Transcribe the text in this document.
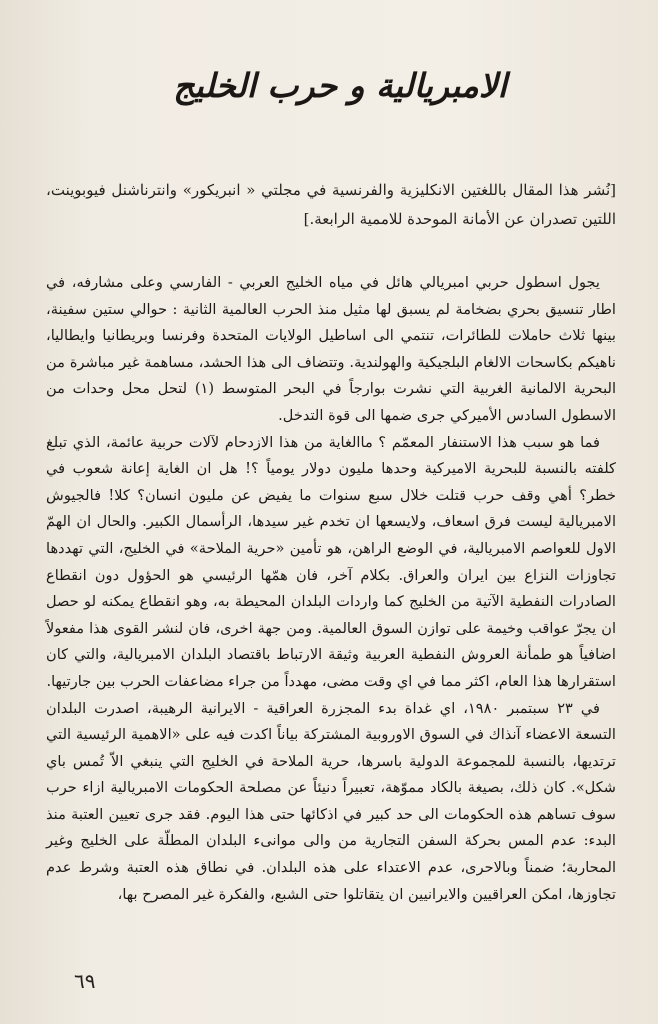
الامبريالية و حرب الخليج

[نُشر هذا المقال باللغتين الانكليزية والفرنسية في مجلتي « انبريكور» وانترناشنل فيوبوينت، اللتين تصدران عن الأمانة الموحدة للاممية الرابعة.]

يجول اسطول حربي امبريالي هائل في مياه الخليج العربي - الفارسي وعلى مشارفه، في اطار تنسيق بحري بضخامة لم يسبق لها مثيل منذ الحرب العالمية الثانية : حوالي ستين سفينة، بينها ثلاث حاملات للطائرات، تنتمي الى اساطيل الولايات المتحدة وفرنسا وبريطانيا وايطاليا، ناهيكم بكاسحات الالغام البلجيكية والهولندية. وتتضاف الى هذا الحشد، مساهمة غير مباشرة من البحرية الالمانية الغربية التي نشرت بوارجاً في البحر المتوسط (١) لتحل محل وحدات من الاسطول السادس الأميركي جرى ضمها الى قوة التدخل.

فما هو سبب هذا الاستنفار المعمّم ؟ ماالغاية من هذا الازدحام لآلات حربية عائمة، الذي تبلغ كلفته بالنسبة للبحرية الاميركية وحدها مليون دولار يومياً ؟! هل ان الغاية إعانة شعوب في خطر؟ أهي وقف حرب قتلت خلال سبع سنوات ما يفيض عن مليون انسان؟ كلا! فالجيوش الامبريالية ليست فرق اسعاف، ولايسعها ان تخدم غير سيدها، الرأسمال الكبير. والحال ان الهمّ الاول للعواصم الامبريالية، في الوضع الراهن، هو تأمين «حرية الملاحة» في الخليج، التي تهددها تجاوزات النزاع بين ايران والعراق. بكلام آخر، فان همّها الرئيسي هو الحؤول دون انقطاع الصادرات النفطية الآتية من الخليج كما واردات البلدان المحيطة به، وهو انقطاع يمكنه لو حصل ان يجرّ عواقب وخيمة على توازن السوق العالمية. ومن جهة اخرى، فان لنشر القوى هذا مفعولاً اضافياً هو طمأنة العروش النفطية العربية وثيقة الارتباط باقتصاد البلدان الامبريالية، والتي كان استقرارها هذا العام، اكثر مما في اي وقت مضى، مهدداً من جراء مضاعفات الحرب بين جارتيها.

في ٢٣ سبتمبر ١٩٨٠، اي غداة بدء المجزرة العراقية - الايرانية الرهيبة، اصدرت البلدان التسعة الاعضاء آنذاك في السوق الاوروبية المشتركة بياناً اكدت فيه على «الاهمية الرئيسية التي ترتديها، بالنسبة للمجموعة الدولية باسرها، حرية الملاحة في الخليج التي ينبغي الاّ تُمس باي شكل». كان ذلك، بصيغة بالكاد مموّهة، تعبيراً دنيئاً عن مصلحة الحكومات الامبريالية ازاء حرب سوف تساهم هذه الحكومات الى حد كبير في اذكائها حتى هذا اليوم. فقد جرى تعيين العتبة منذ البدء: عدم المس بحركة السفن التجارية من والى موانىء البلدان المطلّة على الخليج وغير المحاربة؛ ضمناً وبالاحرى، عدم الاعتداء على هذه البلدان. في نطاق هذه العتبة وشرط عدم تجاوزها، امكن العراقيين والايرانيين ان يتقاتلوا حتى الشبع، والفكرة غير المصرح بها،

٦٩
